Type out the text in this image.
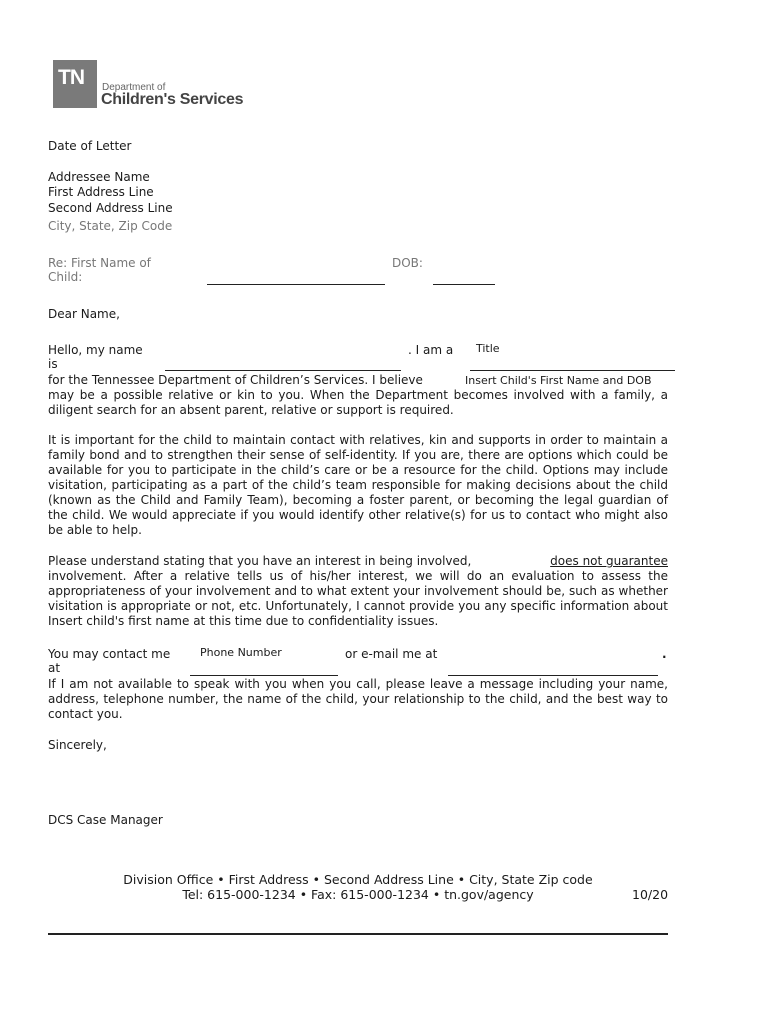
TN Department of
Children's Services
Date of Letter
Addressee Name
First Address Line
Second Address Line
City, State, Zip Code
Re: First Name of
Child:
DOB:
Dear Name,
Hello, my name
is
. I am a Title
for the Tennessee Department of Children’s Services. I believe	Insert Child's First Name and DOB
may be a possible relative or kin to you. When the Department becomes involved with a family, a diligent search for an absent parent, relative or support is required.
It is important for the child to maintain contact with relatives, kin and supports in order to maintain a family bond and to strengthen their sense of self-identity. If you are, there are options which could be available for you to participate in the child’s care or be a resource for the child. Options may include visitation, participating as a part of the child’s team responsible for making decisions about the child (known as the Child and Family Team), becoming a foster parent, or becoming the legal guardian of the child. We would appreciate if you would identify other relative(s) for us to contact who might also be able to help.
Please understand stating that you have an interest in being involved,	does not guarantee
involvement. After a relative tells us of his/her interest, we will do an evaluation to assess the appropriateness of your involvement and to what extent your involvement should be, such as whether visitation is appropriate or not, etc. Unfortunately, I cannot provide you any specific information about Insert child's first name at this time due to confidentiality issues.
You may contact me
at
Phone Number	or e-mail me at	.
If I am not available to speak with you when you call, please leave a message including your name, address, telephone number, the name of the child, your relationship to the child, and the best way to contact you.
Sincerely,
DCS Case Manager
Division Office • First Address • Second Address Line • City, State Zip code
Tel: 615-000-1234 • Fax: 615-000-1234 • tn.gov/agency	10/20
